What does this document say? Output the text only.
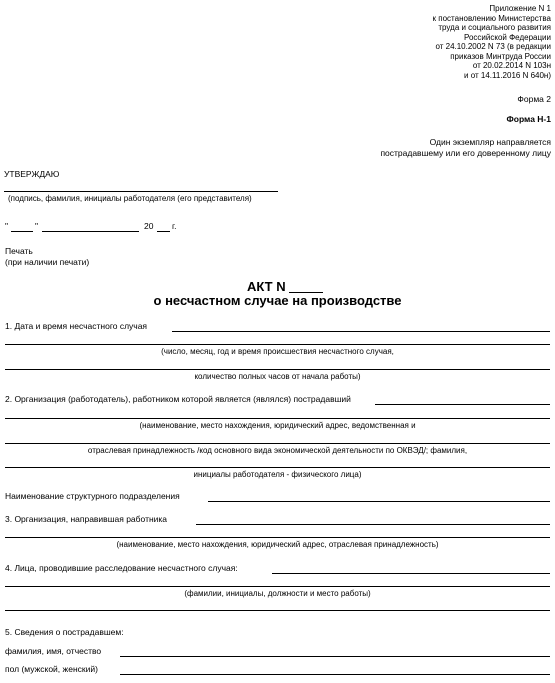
Приложение N 1
к постановлению Министерства
труда и социального развития
Российской Федерации
от 24.10.2002 N 73 (в редакции
приказов Минтруда России
от 20.02.2014 N 103н
и от 14.11.2016 N 640н)
Форма 2
Форма Н-1
Один экземпляр направляется
пострадавшему или его доверенному лицу
УТВЕРЖДАЮ
(подпись, фамилия, инициалы работодателя (его представителя)
"	"	20 г.
Печать
(при наличии печати)
АКТ N
о несчастном случае на производстве
1. Дата и время несчастного случая
(число, месяц, год и время происшествия несчастного случая,
количество полных часов от начала работы)
2. Организация (работодатель), работником которой является (являлся) пострадавший
(наименование, место нахождения, юридический адрес, ведомственная и
отраслевая принадлежность /код основного вида экономической деятельности по ОКВЭД/; фамилия,
инициалы работодателя - физического лица)
Наименование структурного подразделения
3. Организация, направившая работника
(наименование, место нахождения, юридический адрес, отраслевая принадлежность)
4. Лица, проводившие расследование несчастного случая:
(фамилии, инициалы, должности и место работы)
5. Сведения о пострадавшем:
фамилия, имя, отчество
пол (мужской, женский)
